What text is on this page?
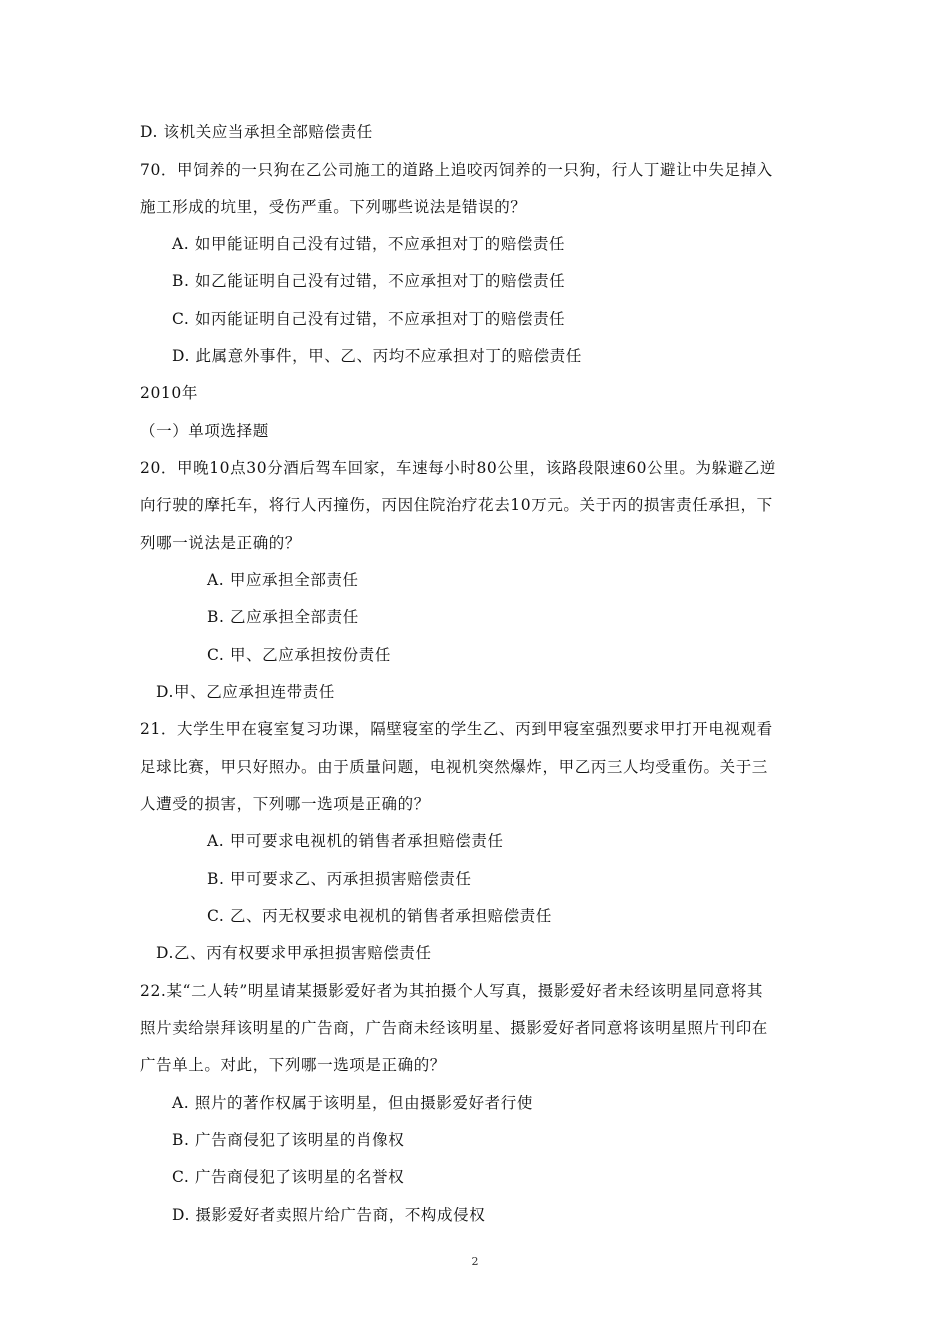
D. 该机关应当承担全部赔偿责任
70．甲饲养的一只狗在乙公司施工的道路上追咬丙饲养的一只狗，行人丁避让中失足掉入
施工形成的坑里，受伤严重。下列哪些说法是错误的？
A. 如甲能证明自己没有过错，不应承担对丁的赔偿责任
B. 如乙能证明自己没有过错，不应承担对丁的赔偿责任
C. 如丙能证明自己没有过错，不应承担对丁的赔偿责任
D. 此属意外事件，甲、乙、丙均不应承担对丁的赔偿责任
2010年
（一）单项选择题
20．甲晚10点30分酒后驾车回家，车速每小时80公里，该路段限速60公里。为躲避乙逆
向行驶的摩托车，将行人丙撞伤，丙因住院治疗花去10万元。关于丙的损害责任承担，下
列哪一说法是正确的？
A. 甲应承担全部责任
B. 乙应承担全部责任
C. 甲、乙应承担按份责任
D.甲、乙应承担连带责任
21．大学生甲在寝室复习功课，隔壁寝室的学生乙、丙到甲寝室强烈要求甲打开电视观看
足球比赛，甲只好照办。由于质量问题，电视机突然爆炸，甲乙丙三人均受重伤。关于三
人遭受的损害，下列哪一选项是正确的？
A. 甲可要求电视机的销售者承担赔偿责任
B. 甲可要求乙、丙承担损害赔偿责任
C. 乙、丙无权要求电视机的销售者承担赔偿责任
D.乙、丙有权要求甲承担损害赔偿责任
22.某“二人转”明星请某摄影爱好者为其拍摄个人写真，摄影爱好者未经该明星同意将其
照片卖给崇拜该明星的广告商，广告商未经该明星、摄影爱好者同意将该明星照片刊印在
广告单上。对此，下列哪一选项是正确的？
A. 照片的著作权属于该明星，但由摄影爱好者行使
B. 广告商侵犯了该明星的肖像权
C. 广告商侵犯了该明星的名誉权
D. 摄影爱好者卖照片给广告商，不构成侵权
2
